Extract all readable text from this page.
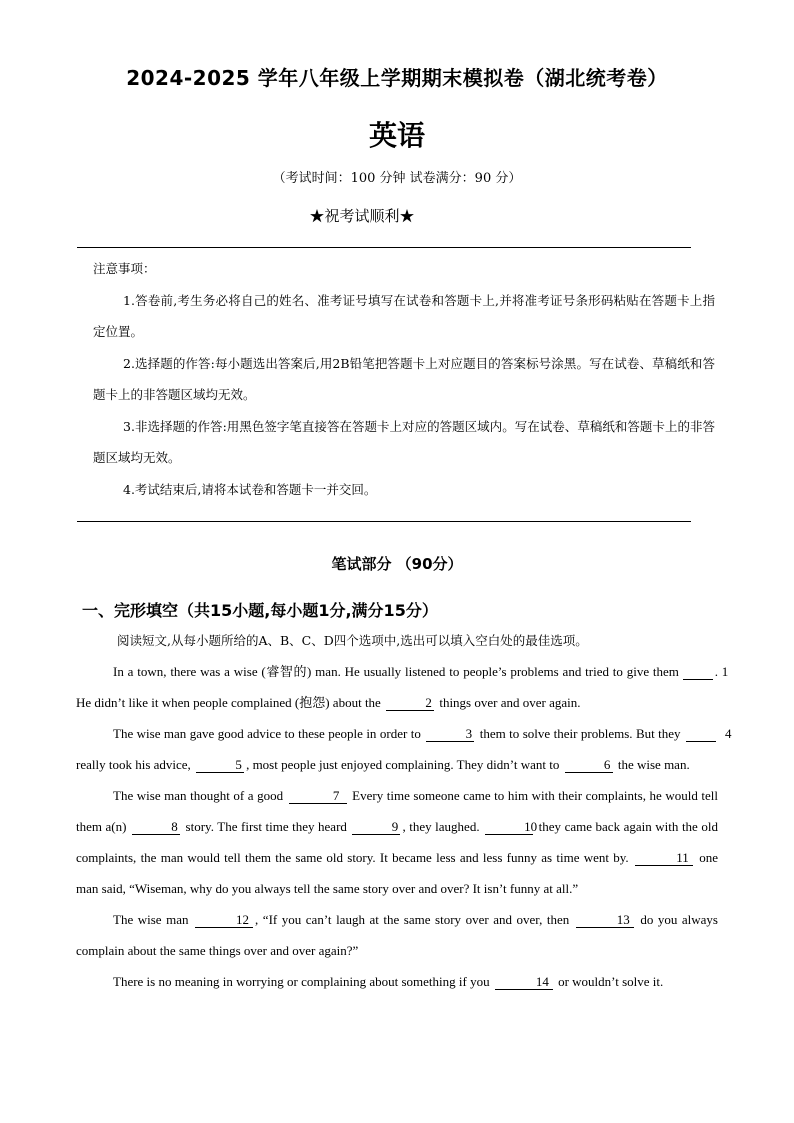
2024-2025 学年八年级上学期期末模拟卷（湖北统考卷）
英语
（考试时间：100 分钟 试卷满分：90 分）
★祝考试顺利★

注意事项：

1.答卷前,考生务必将自己的姓名、准考证号填写在试卷和答题卡上,并将准考证号条形码粘贴在答题卡上指定位置。

2.选择题的作答:每小题选出答案后,用2B铅笔把答题卡上对应题目的答案标号涂黑。写在试卷、草稿纸和答题卡上的非答题区域均无效。

3.非选择题的作答:用黑色签字笔直接答在答题卡上对应的答题区域内。写在试卷、草稿纸和答题卡上的非答题区域均无效。

4.考试结束后,请将本试卷和答题卡一并交回。

笔试部分 （90分）
一、完形填空（共15小题,每小题1分,满分15分）
阅读短文,从每小题所给的A、B、C、D四个选项中,选出可以填入空白处的最佳选项。

In a town, there was a wise (睿智的) man. He usually listened to people’s problems and tried to give them	1. He didn’t like it when people complained (抱怨) about the	2 things over and over again.

The wise man gave good advice to these people in order to	3 them to solve their problems. But they	4 really took his advice,	5 , most people just enjoyed complaining. They didn’t want to	6 the wise man.

The wise man thought of a good	7 Every time someone came to him with their complaints, he would tell them a(n)	8 story. The first time they heard	9 , they laughed.	10 they came back again with the old complaints, the man would tell them the same old story. It became less and less funny as time went by.	11 one man said, “Wiseman, why do you always tell the same story over and over? It isn’t funny at all.”

The wise man	12 , “If you can’t laugh at the same story over and over, then	13 do you always complain about the same things over and over again?”

There is no meaning in worrying or complaining about something if you	14 or wouldn’t solve it.
